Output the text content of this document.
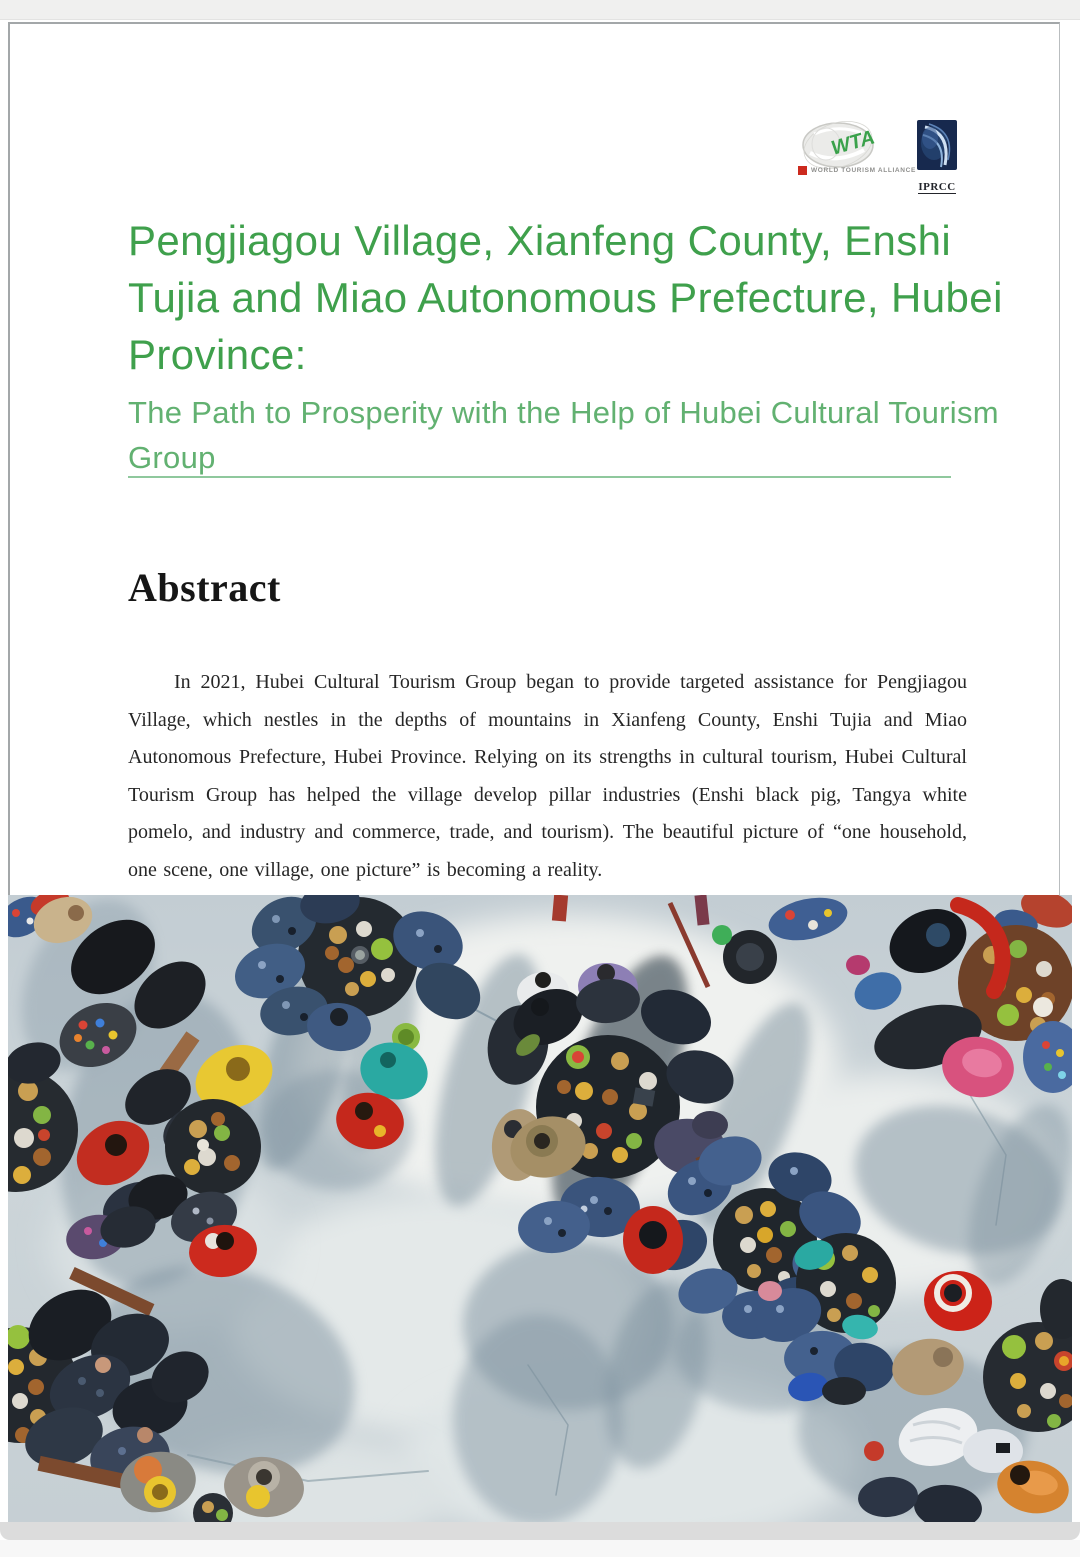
WTA
WORLD TOURISM ALLIANCE
IPRCC
Pengjiagou Village, Xianfeng County, Enshi Tujia and Miao Autonomous Prefecture, Hubei Province:
The Path to Prosperity with the Help of Hubei Cultural Tourism Group
Abstract

In 2021, Hubei Cultural Tourism Group began to provide targeted assistance for Pengjiagou Village, which nestles in the depths of mountains in Xianfeng County, Enshi Tujia and Miao Autonomous Prefecture, Hubei Province. Relying on its strengths in cultural tourism, Hubei Cultural Tourism Group has helped the village develop pillar industries (Enshi black pig, Tangya white pomelo, and industry and commerce, trade, and tourism). The beautiful picture of “one household, one scene, one village, one picture” is becoming a reality.
